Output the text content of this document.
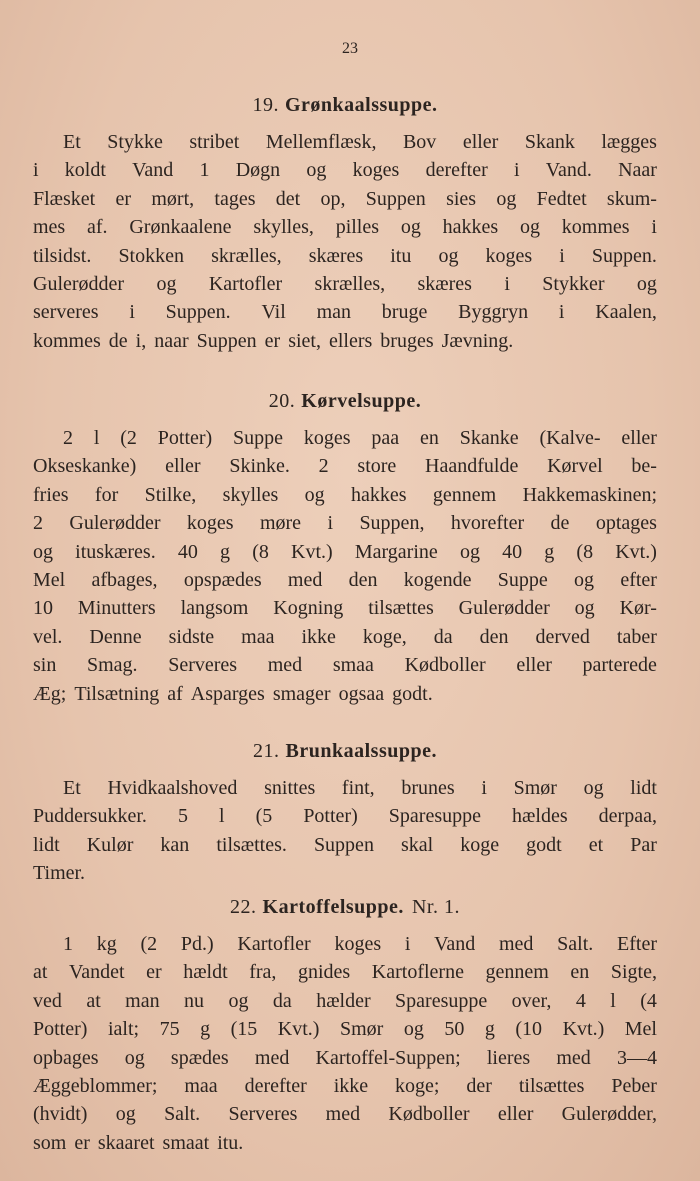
23
19. Grønkaalssuppe.
Et Stykke stribet Mellemflæsk, Bov eller Skank lægges
i koldt Vand 1 Døgn og koges derefter i Vand. Naar
Flæsket er mørt, tages det op, Suppen sies og Fedtet skum-
mes af. Grønkaalene skylles, pilles og hakkes og kommes i
tilsidst. Stokken skrælles, skæres itu og koges i Suppen.
Gulerødder og Kartofler skrælles, skæres i Stykker og
serveres i Suppen. Vil man bruge Byggryn i Kaalen,
kommes de i, naar Suppen er siet, ellers bruges Jævning.
20. Kørvelsuppe.
2 l (2 Potter) Suppe koges paa en Skanke (Kalve- eller
Okseskanke) eller Skinke. 2 store Haandfulde Kørvel be-
fries for Stilke, skylles og hakkes gennem Hakkemaskinen;
2 Gulerødder koges møre i Suppen, hvorefter de optages
og ituskæres. 40 g (8 Kvt.) Margarine og 40 g (8 Kvt.)
Mel afbages, opspædes med den kogende Suppe og efter
10 Minutters langsom Kogning tilsættes Gulerødder og Kør-
vel. Denne sidste maa ikke koge, da den derved taber
sin Smag. Serveres med smaa Kødboller eller parterede
Æg; Tilsætning af Asparges smager ogsaa godt.
21. Brunkaalssuppe.
Et Hvidkaalshoved snittes fint, brunes i Smør og lidt
Puddersukker. 5 l (5 Potter) Sparesuppe hældes derpaa,
lidt Kulør kan tilsættes. Suppen skal koge godt et Par
Timer.
22. Kartoffelsuppe. Nr. 1.
1 kg (2 Pd.) Kartofler koges i Vand med Salt. Efter
at Vandet er hældt fra, gnides Kartoflerne gennem en Sigte,
ved at man nu og da hælder Sparesuppe over, 4 l (4
Potter) ialt; 75 g (15 Kvt.) Smør og 50 g (10 Kvt.) Mel
opbages og spædes med Kartoffel-Suppen; lieres med 3—4
Æggeblommer; maa derefter ikke koge; der tilsættes Peber
(hvidt) og Salt. Serveres med Kødboller eller Gulerødder,
som er skaaret smaat itu.
